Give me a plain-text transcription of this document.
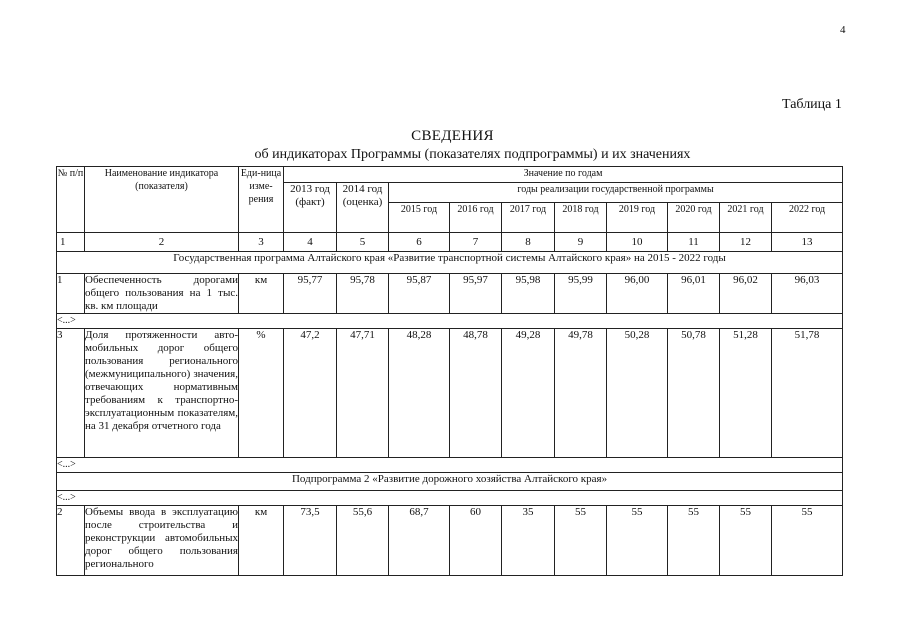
4
Таблица 1
СВЕДЕНИЯ
об индикаторах Программы (показателях подпрограммы) и их значениях
№ п/п	Наименование индикатора (показателя)	Еди-ница изме-рения	Значение по годам									
			2013 год (факт)	2014 год (оценка)	годы реализации государственной программы							
					2015 год	2016 год	2017 год	2018 год	2019 год	2020 год	2021 год	2022 год
1	2	3	4	5	6	7	8	9	10	11	12	13
Государственная программа Алтайского края «Развитие транспортной системы Алтайского края» на 2015 - 2022 годы												
1	Обеспеченность дорогами общего пользования на 1 тыс. кв. км площади	км	95,77	95,78	95,87	95,97	95,98	95,99	96,00	96,01	96,02	96,03
<...>												
3	Доля протяженности автомобильных дорог общего пользования регионального (межмуниципального) значения, отвечающих нормативным требованиям к транспортно-эксплуатационным показателям, на 31 декабря отчетного года	%	47,2	47,71	48,28	48,78	49,28	49,78	50,28	50,78	51,28	51,78
<...>												
Подпрограмма 2 «Развитие дорожного хозяйства Алтайского края»												
<...>												
2	Объемы ввода в эксплуатацию после строительства и реконструкции автомобильных дорог общего пользования регионального	км	73,5	55,6	68,7	60	35	55	55	55	55	55
